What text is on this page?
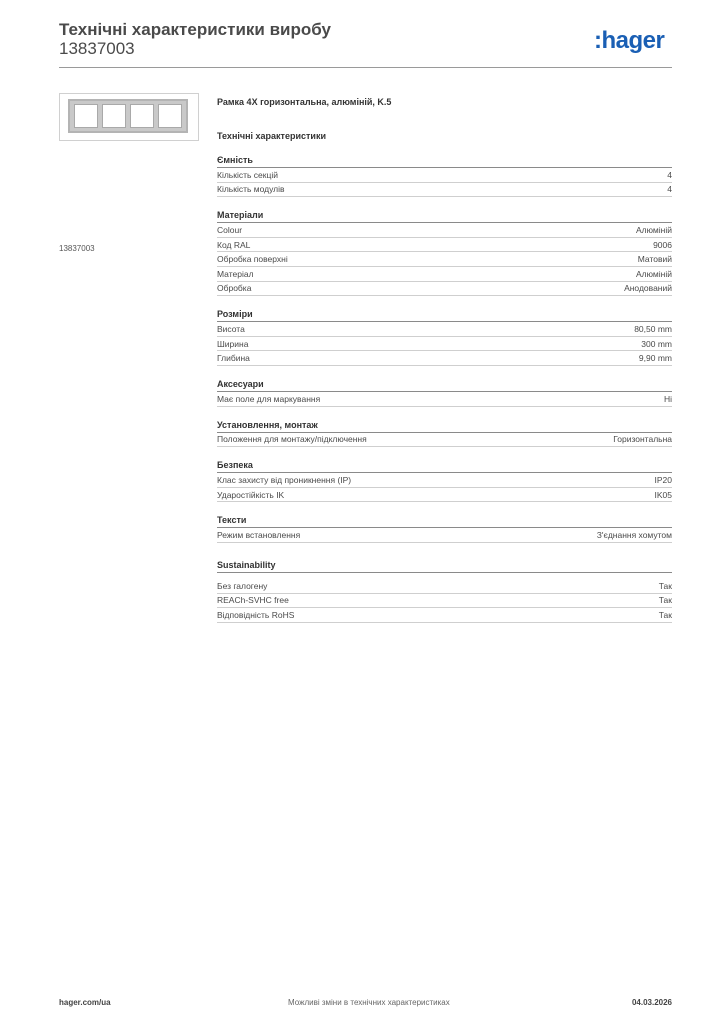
Технічні характеристики виробу
13837003	:hager
13837003
Рамка 4X горизонтальна, алюміній, K.5
Технічні характеристики
Ємність
Кількість секцій	4
Кількість модулів	4
Матеріали
Colour	Алюміній
Код RAL	9006
Обробка поверхні	Матовий
Матеріал	Алюміній
Обробка	Анодований
Розміри
Висота	80,50 mm
Ширина	300 mm
Глибина	9,90 mm
Аксесуари
Має поле для маркування	Ні
Установлення, монтаж
Положення для монтажу/підключення	Горизонтальна
Безпека
Клас захисту від проникнення (IP)	IP20
Ударостійкість IK	IK05
Тексти
Режим встановлення	З'єднання хомутом
Sustainability
Без галогену	Так
REACh-SVHC free	Так
Відповідність RoHS	Так
hager.com/ua	Можливі зміни в технічних характеристиках	04.03.2026
